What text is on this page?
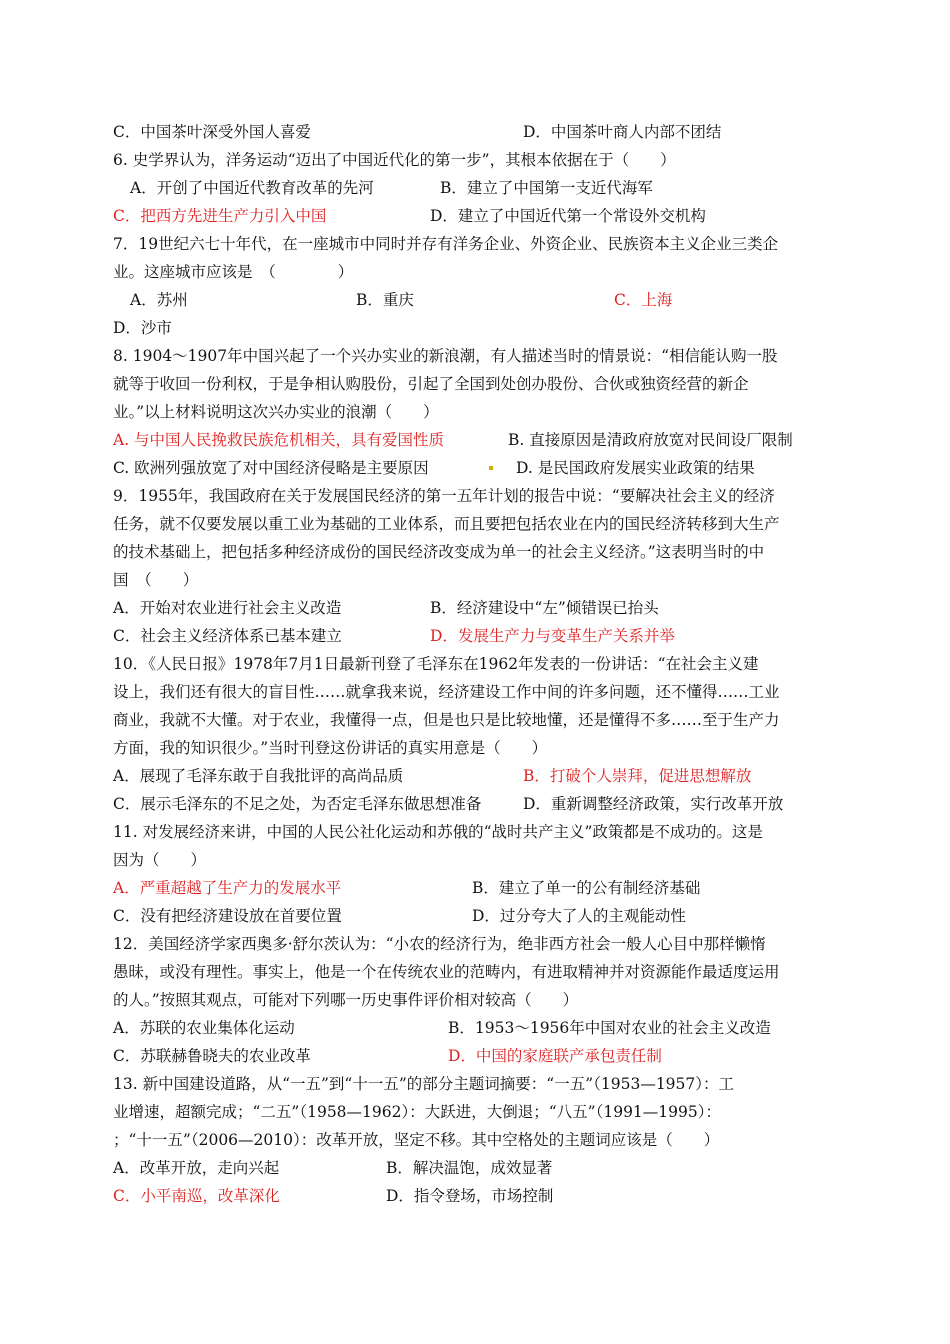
C．中国茶叶深受外国人喜爱	D．中国茶叶商人内部不团结
6. 史学界认为，洋务运动“迈出了中国近代化的第一步”，其根本依据在于（　　）
A．开创了中国近代教育改革的先河	B．建立了中国第一支近代海军
C．把西方先进生产力引入中国	D．建立了中国近代第一个常设外交机构
7．19世纪六七十年代，在一座城市中同时并存有洋务企业、外资企业、民族资本主义企业三类企
业。这座城市应该是　（　　　　）
A．苏州	B．重庆	C．上海
D．沙市
8. 1904～1907年中国兴起了一个兴办实业的新浪潮，有人描述当时的情景说：“相信能认购一股
就等于收回一份利权，于是争相认购股份，引起了全国到处创办股份、合伙或独资经营的新企
业。”以上材料说明这次兴办实业的浪潮（　　）
A. 与中国人民挽救民族危机相关，具有爱国性质	B. 直接原因是清政府放宽对民间设厂限制
C. 欧洲列强放宽了对中国经济侵略是主要原因	D. 是民国政府发展实业政策的结果
9．1955年，我国政府在关于发展国民经济的第一五年计划的报告中说：“要解决社会主义的经济
任务，就不仅要发展以重工业为基础的工业体系，而且要把包括农业在内的国民经济转移到大生产
的技术基础上，把包括多种经济成份的国民经济改变成为单一的社会主义经济。”这表明当时的中
国　（　　）
A．开始对农业进行社会主义改造	B．经济建设中“左”倾错误已抬头
C．社会主义经济体系已基本建立	D．发展生产力与变革生产关系并举
10．《人民日报》1978年7月1日最新刊登了毛泽东在1962年发表的一份讲话：“在社会主义建
设上，我们还有很大的盲目性……就拿我来说，经济建设工作中间的许多问题，还不懂得……工业
商业，我就不大懂。对于农业，我懂得一点，但是也只是比较地懂，还是懂得不多……至于生产力
方面，我的知识很少。”当时刊登这份讲话的真实用意是（　　）
A．展现了毛泽东敢于自我批评的高尚品质	B．打破个人崇拜，促进思想解放
C．展示毛泽东的不足之处，为否定毛泽东做思想准备	D．重新调整经济政策，实行改革开放
11. 对发展经济来讲，中国的人民公社化运动和苏俄的“战时共产主义”政策都是不成功的。这是
因为（　　）
A．严重超越了生产力的发展水平	B．建立了单一的公有制经济基础
C．没有把经济建设放在首要位置	D．过分夸大了人的主观能动性
12．美国经济学家西奥多·舒尔茨认为：“小农的经济行为，绝非西方社会一般人心目中那样懒惰
愚昧，或没有理性。事实上，他是一个在传统农业的范畴内，有进取精神并对资源能作最适度运用
的人。”按照其观点，可能对下列哪一历史事件评价相对较高（　　）
A．苏联的农业集体化运动	B．1953～1956年中国对农业的社会主义改造
C．苏联赫鲁晓夫的农业改革	D．中国的家庭联产承包责任制
13. 新中国建设道路，从“一五”到“十一五”的部分主题词摘要：“一五”（1953—1957）：工
业增速，超额完成；“二五”（1958—1962）：大跃进，大倒退；“八五”（1991—1995）：
；“十一五”（2006—2010）：改革开放，坚定不移。其中空格处的主题词应该是（　　）
A．改革开放，走向兴起	B．解决温饱，成效显著
C．小平南巡，改革深化	D．指令登场，市场控制
